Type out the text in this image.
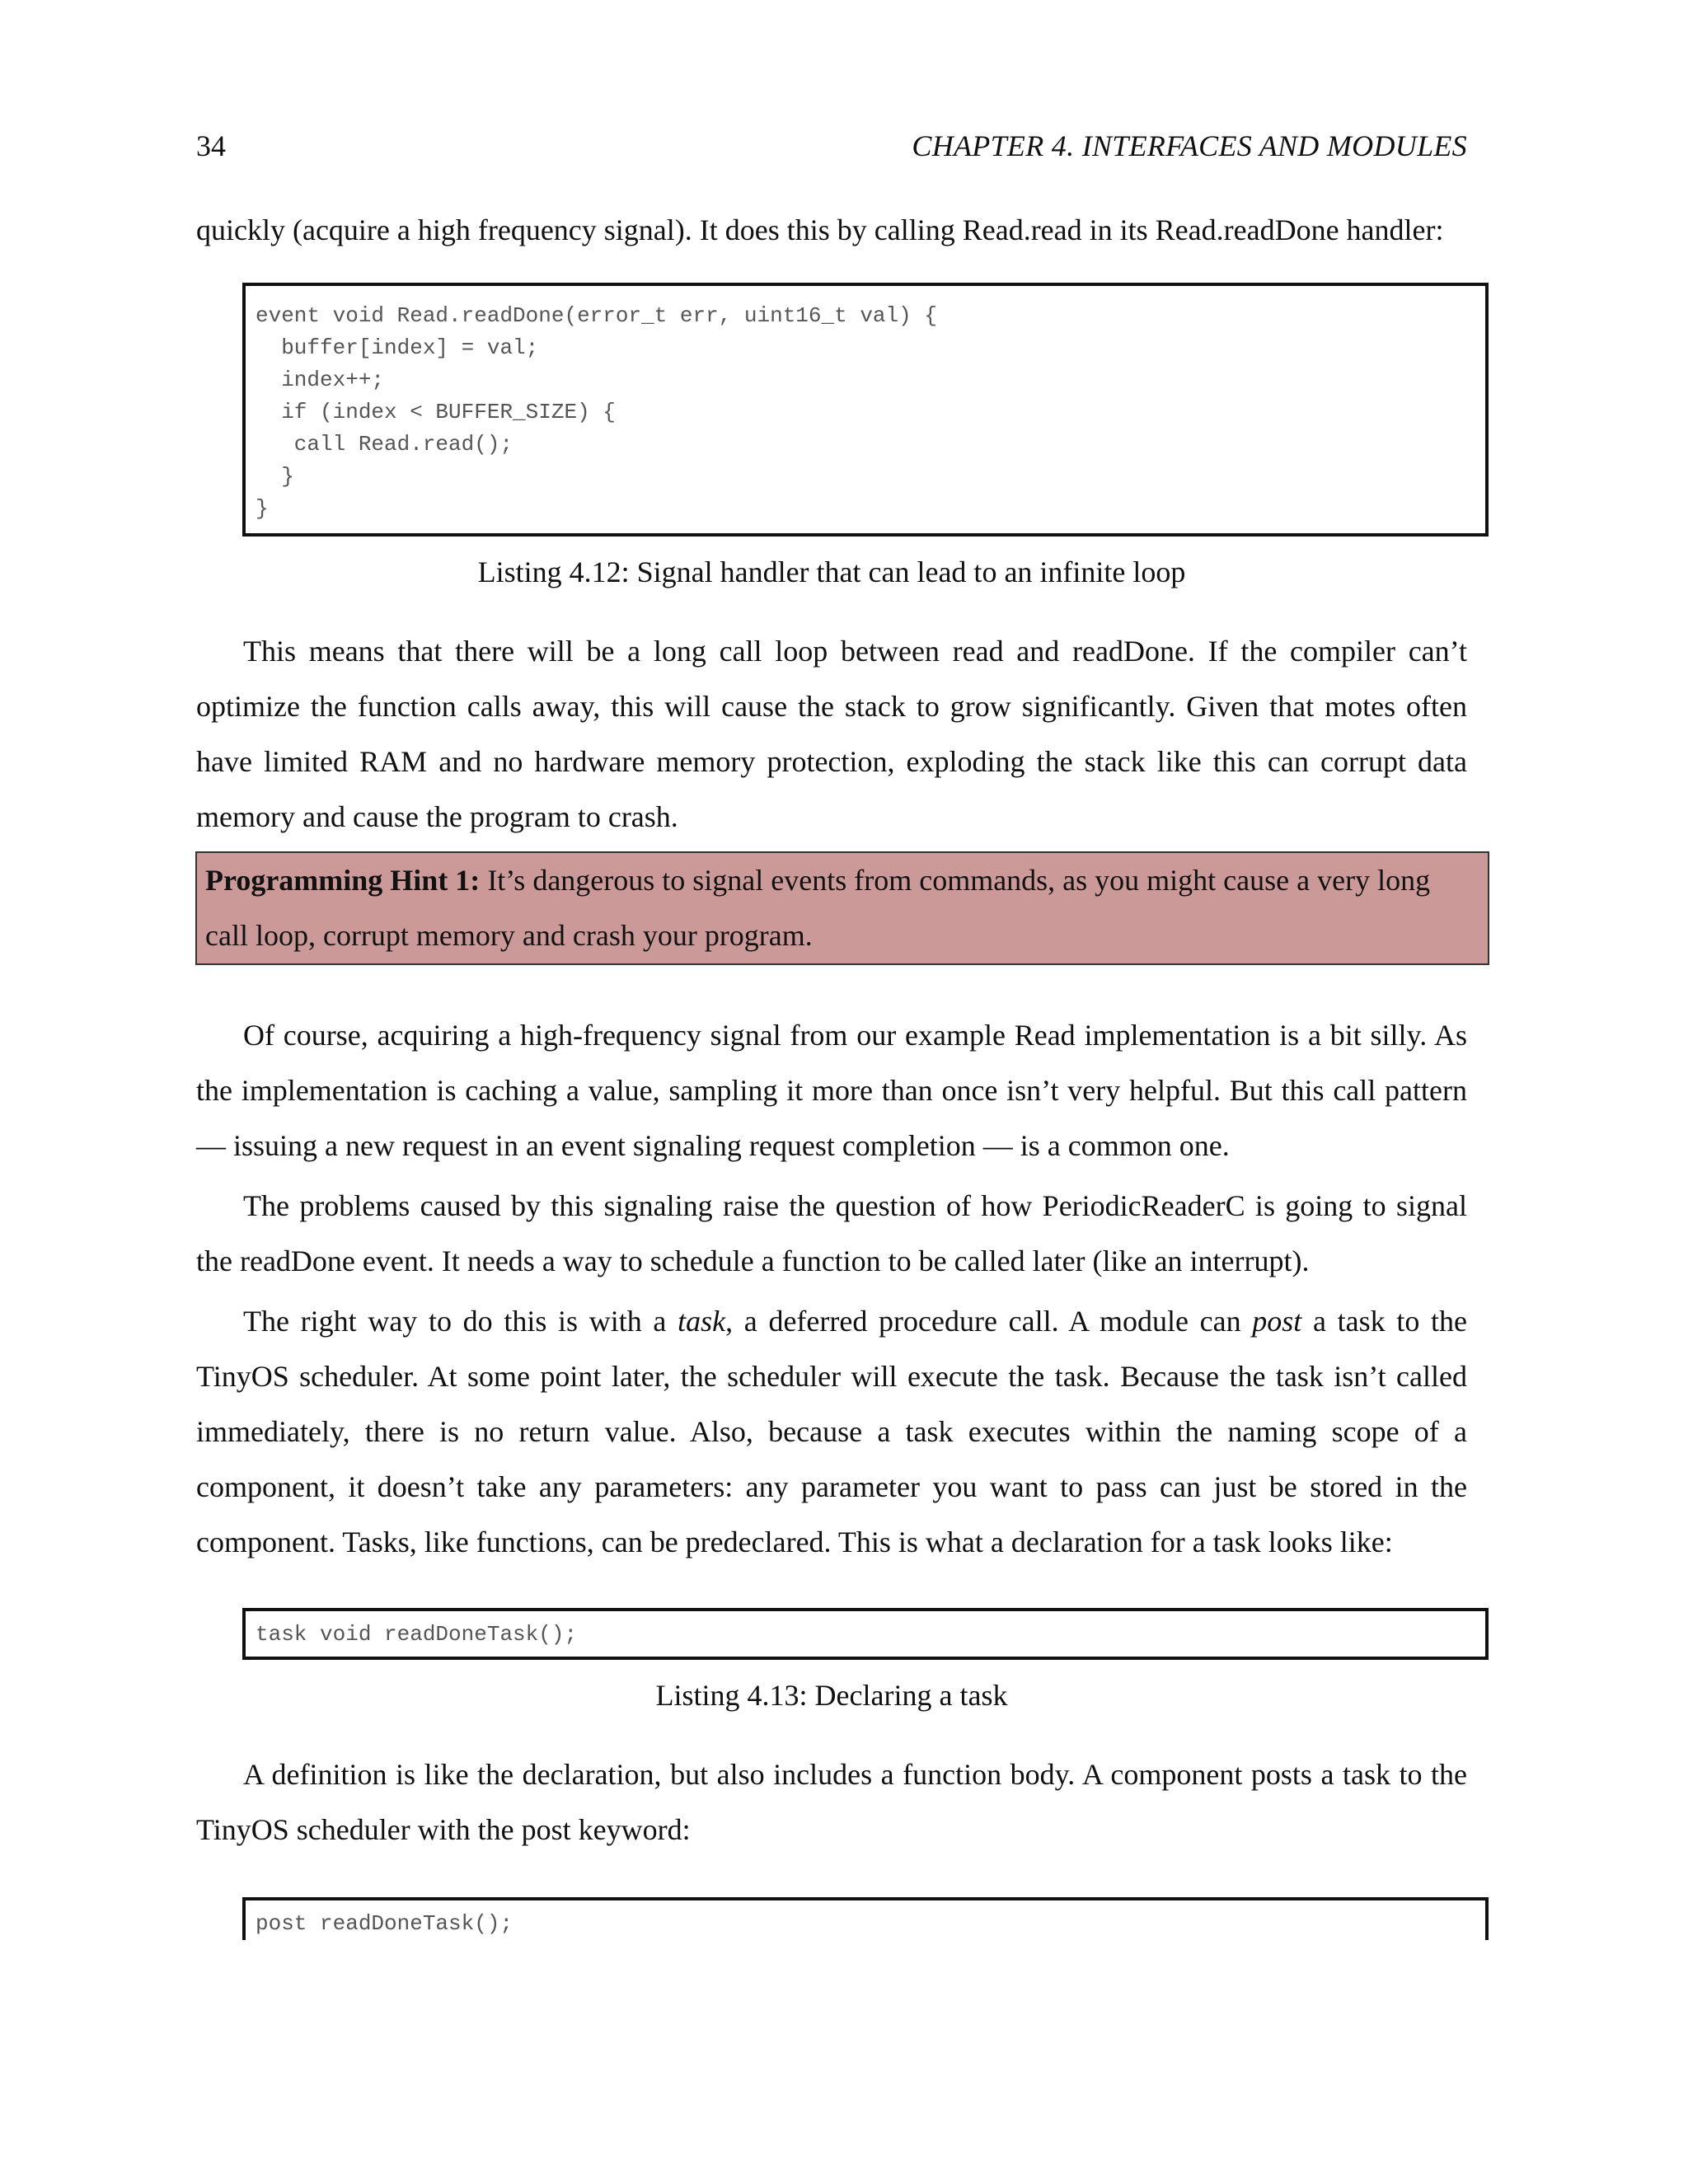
34	CHAPTER 4. INTERFACES AND MODULES

quickly (acquire a high frequency signal). It does this by calling Read.read in its Read.readDone handler:

event void Read.readDone(error_t err, uint16_t val) {
buffer[index] = val;
index++;
if (index < BUFFER_SIZE) {
call Read.read();
}
}
Listing 4.12: Signal handler that can lead to an infinite loop

This means that there will be a long call loop between read and readDone. If the compiler can’t optimize the function calls away, this will cause the stack to grow significantly. Given that motes often have limited RAM and no hardware memory protection, exploding the stack like this can corrupt data memory and cause the program to crash.

Programming Hint 1: It’s dangerous to signal events from commands, as you might cause a very long call loop, corrupt memory and crash your program.

Of course, acquiring a high-frequency signal from our example Read implementation is a bit silly. As the implementation is caching a value, sampling it more than once isn’t very helpful. But this call pattern — issuing a new request in an event signaling request completion — is a common one.

The problems caused by this signaling raise the question of how PeriodicReaderC is going to signal the readDone event. It needs a way to schedule a function to be called later (like an interrupt).

The right way to do this is with a task, a deferred procedure call. A module can post a task to the TinyOS scheduler. At some point later, the scheduler will execute the task. Because the task isn’t called immediately, there is no return value. Also, because a task executes within the naming scope of a component, it doesn’t take any parameters: any parameter you want to pass can just be stored in the component. Tasks, like functions, can be predeclared. This is what a declaration for a task looks like:

task void readDoneTask();
Listing 4.13: Declaring a task

A definition is like the declaration, but also includes a function body. A component posts a task to the TinyOS scheduler with the post keyword:

post readDoneTask();
